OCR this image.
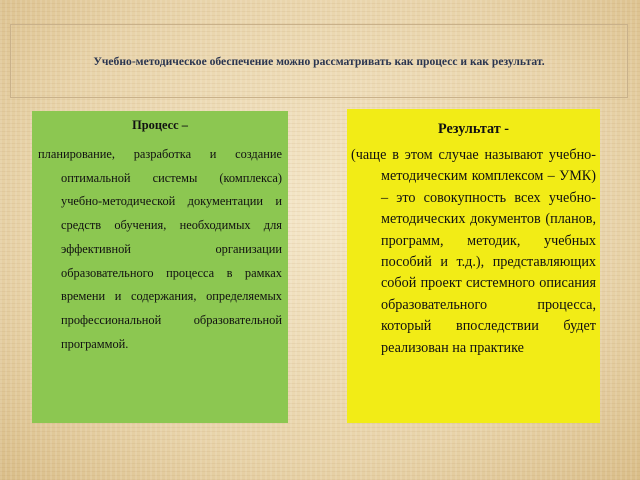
Учебно-методическое обеспечение можно рассматривать как процесс и как результат.

Процесс –

планирование, разработка и создание оптимальной системы (комплекса) учебно-методической документации и средств обучения, необходимых для эффективной организации образовательного процесса в рамках времени и содержания, определяемых профессиональной образовательной программой.

Результат -

(чаще в этом случае называют учебно-методическим комплексом – УМК) – это совокупность всех учебно-методических документов (планов, программ, методик, учебных пособий и т.д.), представляющих собой проект системного описания образовательного процесса, который впоследствии будет реализован на практике
